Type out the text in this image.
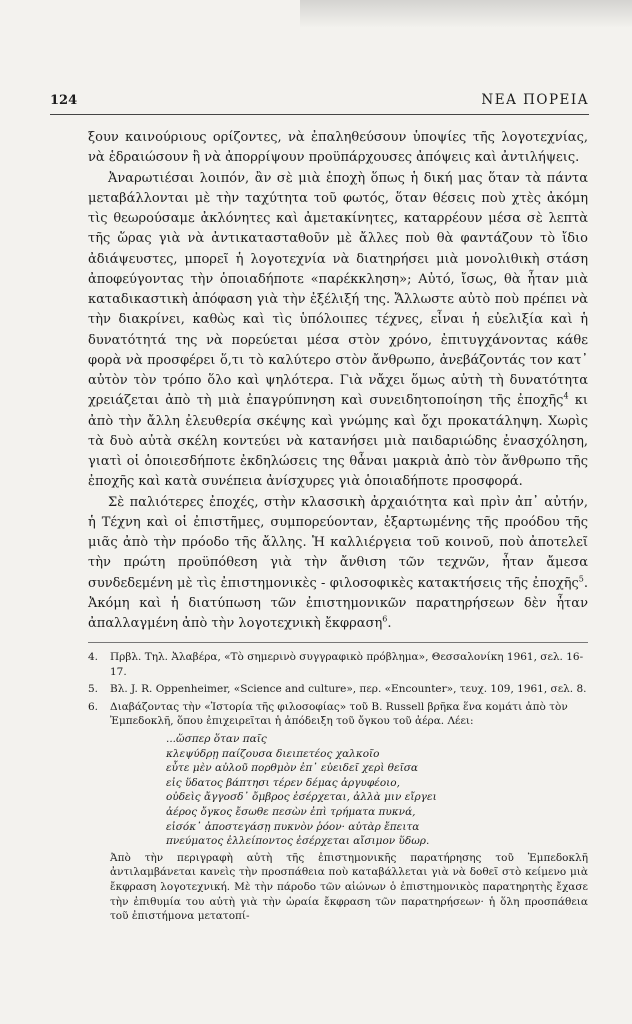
124	ΝΕΑ ΠΟΡΕΙΑ

ξουν καινούριους ορίζοντες, νὰ ἐπαληθεύσουν ὑποψίες τῆς λογοτεχνίας, νὰ ἑδραιώσουν ἢ νὰ ἀπορρίψουν προϋπάρχουσες ἀπόψεις καὶ ἀντιλήψεις.

Ἀναρωτιέσαι λοιπόν, ἂν σὲ μιὰ ἐποχὴ ὅπως ἡ δική μας ὅταν τὰ πάντα μεταβάλλονται μὲ τὴν ταχύτητα τοῦ φωτός, ὅταν θέσεις ποὺ χτὲς ἀκόμη τὶς θεωρούσαμε ἀκλόνητες καὶ ἀμετακίνητες, καταρρέουν μέσα σὲ λεπτὰ τῆς ὥρας γιὰ νὰ ἀντικατασταθοῦν μὲ ἄλλες ποὺ θὰ φαντάζουν τὸ ἴδιο ἀδιάψευστες, μπορεῖ ἡ λογοτεχνία νὰ διατηρήσει μιὰ μονολιθικὴ στάση ἀποφεύγοντας τὴν ὁποιαδήποτε «παρέκκληση»; Αὐτό, ἴσως, θὰ ἦταν μιὰ καταδικαστικὴ ἀπόφαση γιὰ τὴν ἐξέλιξή της. Ἄλλωστε αὐτὸ ποὺ πρέπει νὰ τὴν διακρίνει, καθὼς καὶ τὶς ὑπόλοιπες τέχνες, εἶναι ἡ εὐελιξία καὶ ἡ δυνατότητά της νὰ πορεύεται μέσα στὸν χρόνο, ἐπιτυγχάνοντας κάθε φορὰ νὰ προσφέρει ὅ,τι τὸ καλύτερο στὸν ἄνθρωπο, ἀνεβάζοντάς τον κατ᾽ αὐτὸν τὸν τρόπο ὅλο καὶ ψηλότερα. Γιὰ νἄχει ὅμως αὐτὴ τὴ δυνατότητα χρειάζεται ἀπὸ τὴ μιὰ ἐπαγρύπνηση καὶ συνειδητοποίηση τῆς ἐποχῆς$^4$ κι ἀπὸ τὴν ἄλλη ἐλευθερία σκέψης καὶ γνώμης καὶ ὄχι προκατάληψη. Χωρὶς τὰ δυὸ αὐτὰ σκέλη κοντεύει νὰ κατανήσει μιὰ παιδαριώδης ἐνασχόληση, γιατὶ οἱ ὁποιεσδήποτε ἐκδηλώσεις της θἆναι μακριὰ ἀπὸ τὸν ἄνθρωπο τῆς ἐποχῆς καὶ κατὰ συνέπεια ἀνίσχυρες γιὰ ὁποιαδήποτε προσφορά.

Σὲ παλιότερες ἐποχές, στὴν κλασσικὴ ἀρχαιότητα καὶ πρὶν ἀπ᾽ αὐτήν, ἡ Τέχνη καὶ οἱ ἐπιστῆμες, συμπορεύονταν, ἐξαρτωμένης τῆς προόδου τῆς μιᾶς ἀπὸ τὴν πρόοδο τῆς ἄλλης. Ἡ καλλιέργεια τοῦ κοινοῦ, ποὺ ἀποτελεῖ τὴν πρώτη προϋπόθεση γιὰ τὴν ἄνθιση τῶν τεχνῶν, ἦταν ἄμεσα συνδεδεμένη μὲ τὶς ἐπιστημονικὲς - φιλοσοφικὲς κατακτήσεις τῆς ἐποχῆς$^5$. Ἀκόμη καὶ ἡ διατύπωση τῶν ἐπιστημονικῶν παρατηρήσεων δὲν ἦταν ἀπαλλαγμένη ἀπὸ τὴν λογοτεχνικὴ ἔκφραση$^6$.

4.	Πρβλ. Τηλ. Ἀλαβέρα, «Τὸ σημερινὸ συγγραφικὸ πρόβλημα», Θεσσαλονίκη 1961, σελ. 16-17.
5.	Βλ. J. R. Oppenheimer, «Science and culture», περ. «Encounter», τευχ. 109, 1961, σελ. 8.
6.	Διαβάζοντας τὴν «Ἱστορία τῆς φιλοσοφίας» τοῦ B. Russell βρῆκα ἕνα κομάτι ἀπὸ τὸν Ἐμπεδοκλῆ, ὅπου ἐπιχειρεῖται ἡ ἀπόδειξη τοῦ ὄγκου τοῦ ἀέρα. Λέει:
...ὥσπερ ὅταν παῖς
κλεψύδρῃ παίζουσα διειπετέος χαλκοῖο
εὖτε μὲν αὐλοῦ πορθμὸν ἐπ᾽ εὐειδεῖ χερὶ θεῖσα
εἰς ὕδατος βάπτησι τέρεν δέμας ἀργυφέοιο,
οὐδεὶς ἄγγοσδ᾽ ὄμβρος ἐσέρχεται, ἀλλὰ μιν εἴργει
ἀέρος ὄγκος ἔσωθε πεσὼν ἐπὶ τρήματα πυκνά,
εἰσόκ᾽ ἀποστεγάσῃ πυκνὸν ῥόον· αὐτὰρ ἔπειτα
πνεύματος ἐλλείποντος ἐσέρχεται αἴσιμον ὕδωρ.
Ἀπὸ τὴν περιγραφὴ αὐτὴ τῆς ἐπιστημονικῆς παρατήρησης τοῦ Ἐμπεδοκλῆ ἀντιλαμβάνεται κανεὶς τὴν προσπάθεια ποὺ καταβάλλεται γιὰ νὰ δοθεῖ στὸ κείμενο μιὰ ἔκφραση λογοτεχνική. Μὲ τὴν πάροδο τῶν αἰώνων ὁ ἐπιστημονικὸς παρατηρητὴς ἔχασε τὴν ἐπιθυμία του αὐτὴ γιὰ τὴν ὡραία ἔκφραση τῶν παρατηρήσεων· ἡ ὅλη προσπάθεια τοῦ ἐπιστήμονα μετατοπί-
